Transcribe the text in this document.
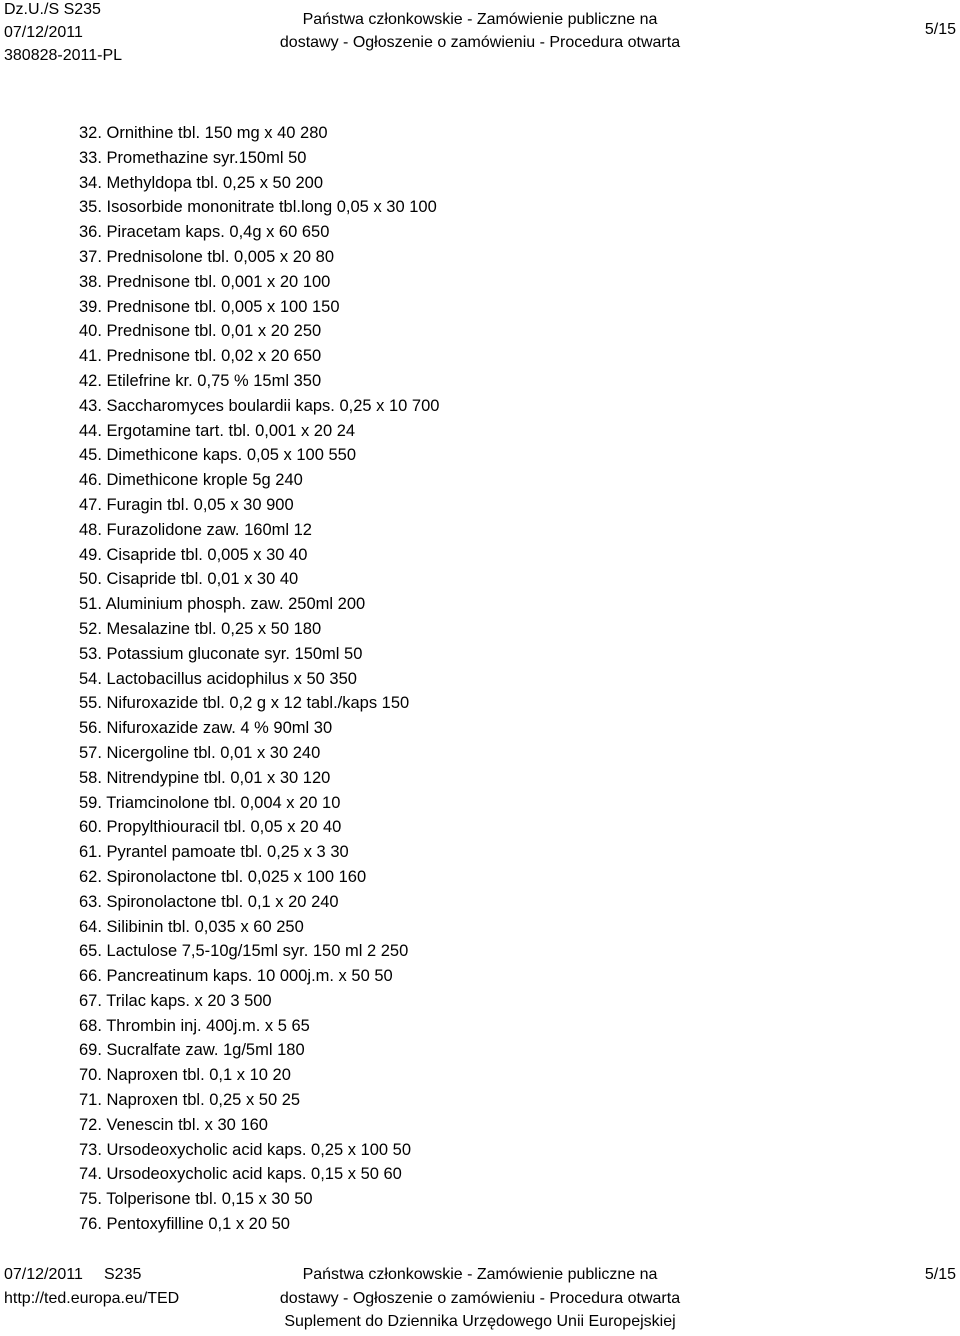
Dz.U./S S235
07/12/2011
380828-2011-PL
Państwa członkowskie - Zamówienie publiczne na
dostawy - Ogłoszenie o zamówieniu - Procedura otwarta
5/15
32. Ornithine tbl. 150 mg x 40 280
33. Promethazine syr.150ml 50
34. Methyldopa tbl. 0,25 x 50 200
35. Isosorbide mononitrate tbl.long 0,05 x 30 100
36. Piracetam kaps. 0,4g x 60 650
37. Prednisolone tbl. 0,005 x 20 80
38. Prednisone tbl. 0,001 x 20 100
39. Prednisone tbl. 0,005 x 100 150
40. Prednisone tbl. 0,01 x 20 250
41. Prednisone tbl. 0,02 x 20 650
42. Etilefrine kr. 0,75 % 15ml 350
43. Saccharomyces boulardii kaps. 0,25 x 10 700
44. Ergotamine tart. tbl. 0,001 x 20 24
45. Dimethicone kaps. 0,05 x 100 550
46. Dimethicone krople 5g 240
47. Furagin tbl. 0,05 x 30 900
48. Furazolidone zaw. 160ml 12
49. Cisapride tbl. 0,005 x 30 40
50. Cisapride tbl. 0,01 x 30 40
51. Aluminium phosph. zaw. 250ml 200
52. Mesalazine tbl. 0,25 x 50 180
53. Potassium gluconate syr. 150ml 50
54. Lactobacillus acidophilus x 50 350
55. Nifuroxazide tbl. 0,2 g x 12 tabl./kaps 150
56. Nifuroxazide zaw. 4 % 90ml 30
57. Nicergoline tbl. 0,01 x 30 240
58. Nitrendypine tbl. 0,01 x 30 120
59. Triamcinolone tbl. 0,004 x 20 10
60. Propylthiouracil tbl. 0,05 x 20 40
61. Pyrantel pamoate tbl. 0,25 x 3 30
62. Spironolactone tbl. 0,025 x 100 160
63. Spironolactone tbl. 0,1 x 20 240
64. Silibinin tbl. 0,035 x 60 250
65. Lactulose 7,5-10g/15ml syr. 150 ml 2 250
66. Pancreatinum kaps. 10 000j.m. x 50 50
67. Trilac kaps. x 20 3 500
68. Thrombin inj. 400j.m. x 5 65
69. Sucralfate zaw. 1g/5ml 180
70. Naproxen tbl. 0,1 x 10 20
71. Naproxen tbl. 0,25 x 50 25
72. Venescin tbl. x 30 160
73. Ursodeoxycholic acid kaps. 0,25 x 100 50
74. Ursodeoxycholic acid kaps. 0,15 x 50 60
75. Tolperisone tbl. 0,15 x 30 50
76. Pentoxyfilline 0,1 x 20 50
07/12/2011 S235
http://ted.europa.eu/TED
Państwa członkowskie - Zamówienie publiczne na
dostawy - Ogłoszenie o zamówieniu - Procedura otwarta
Suplement do Dziennika Urzędowego Unii Europejskiej
5/15
